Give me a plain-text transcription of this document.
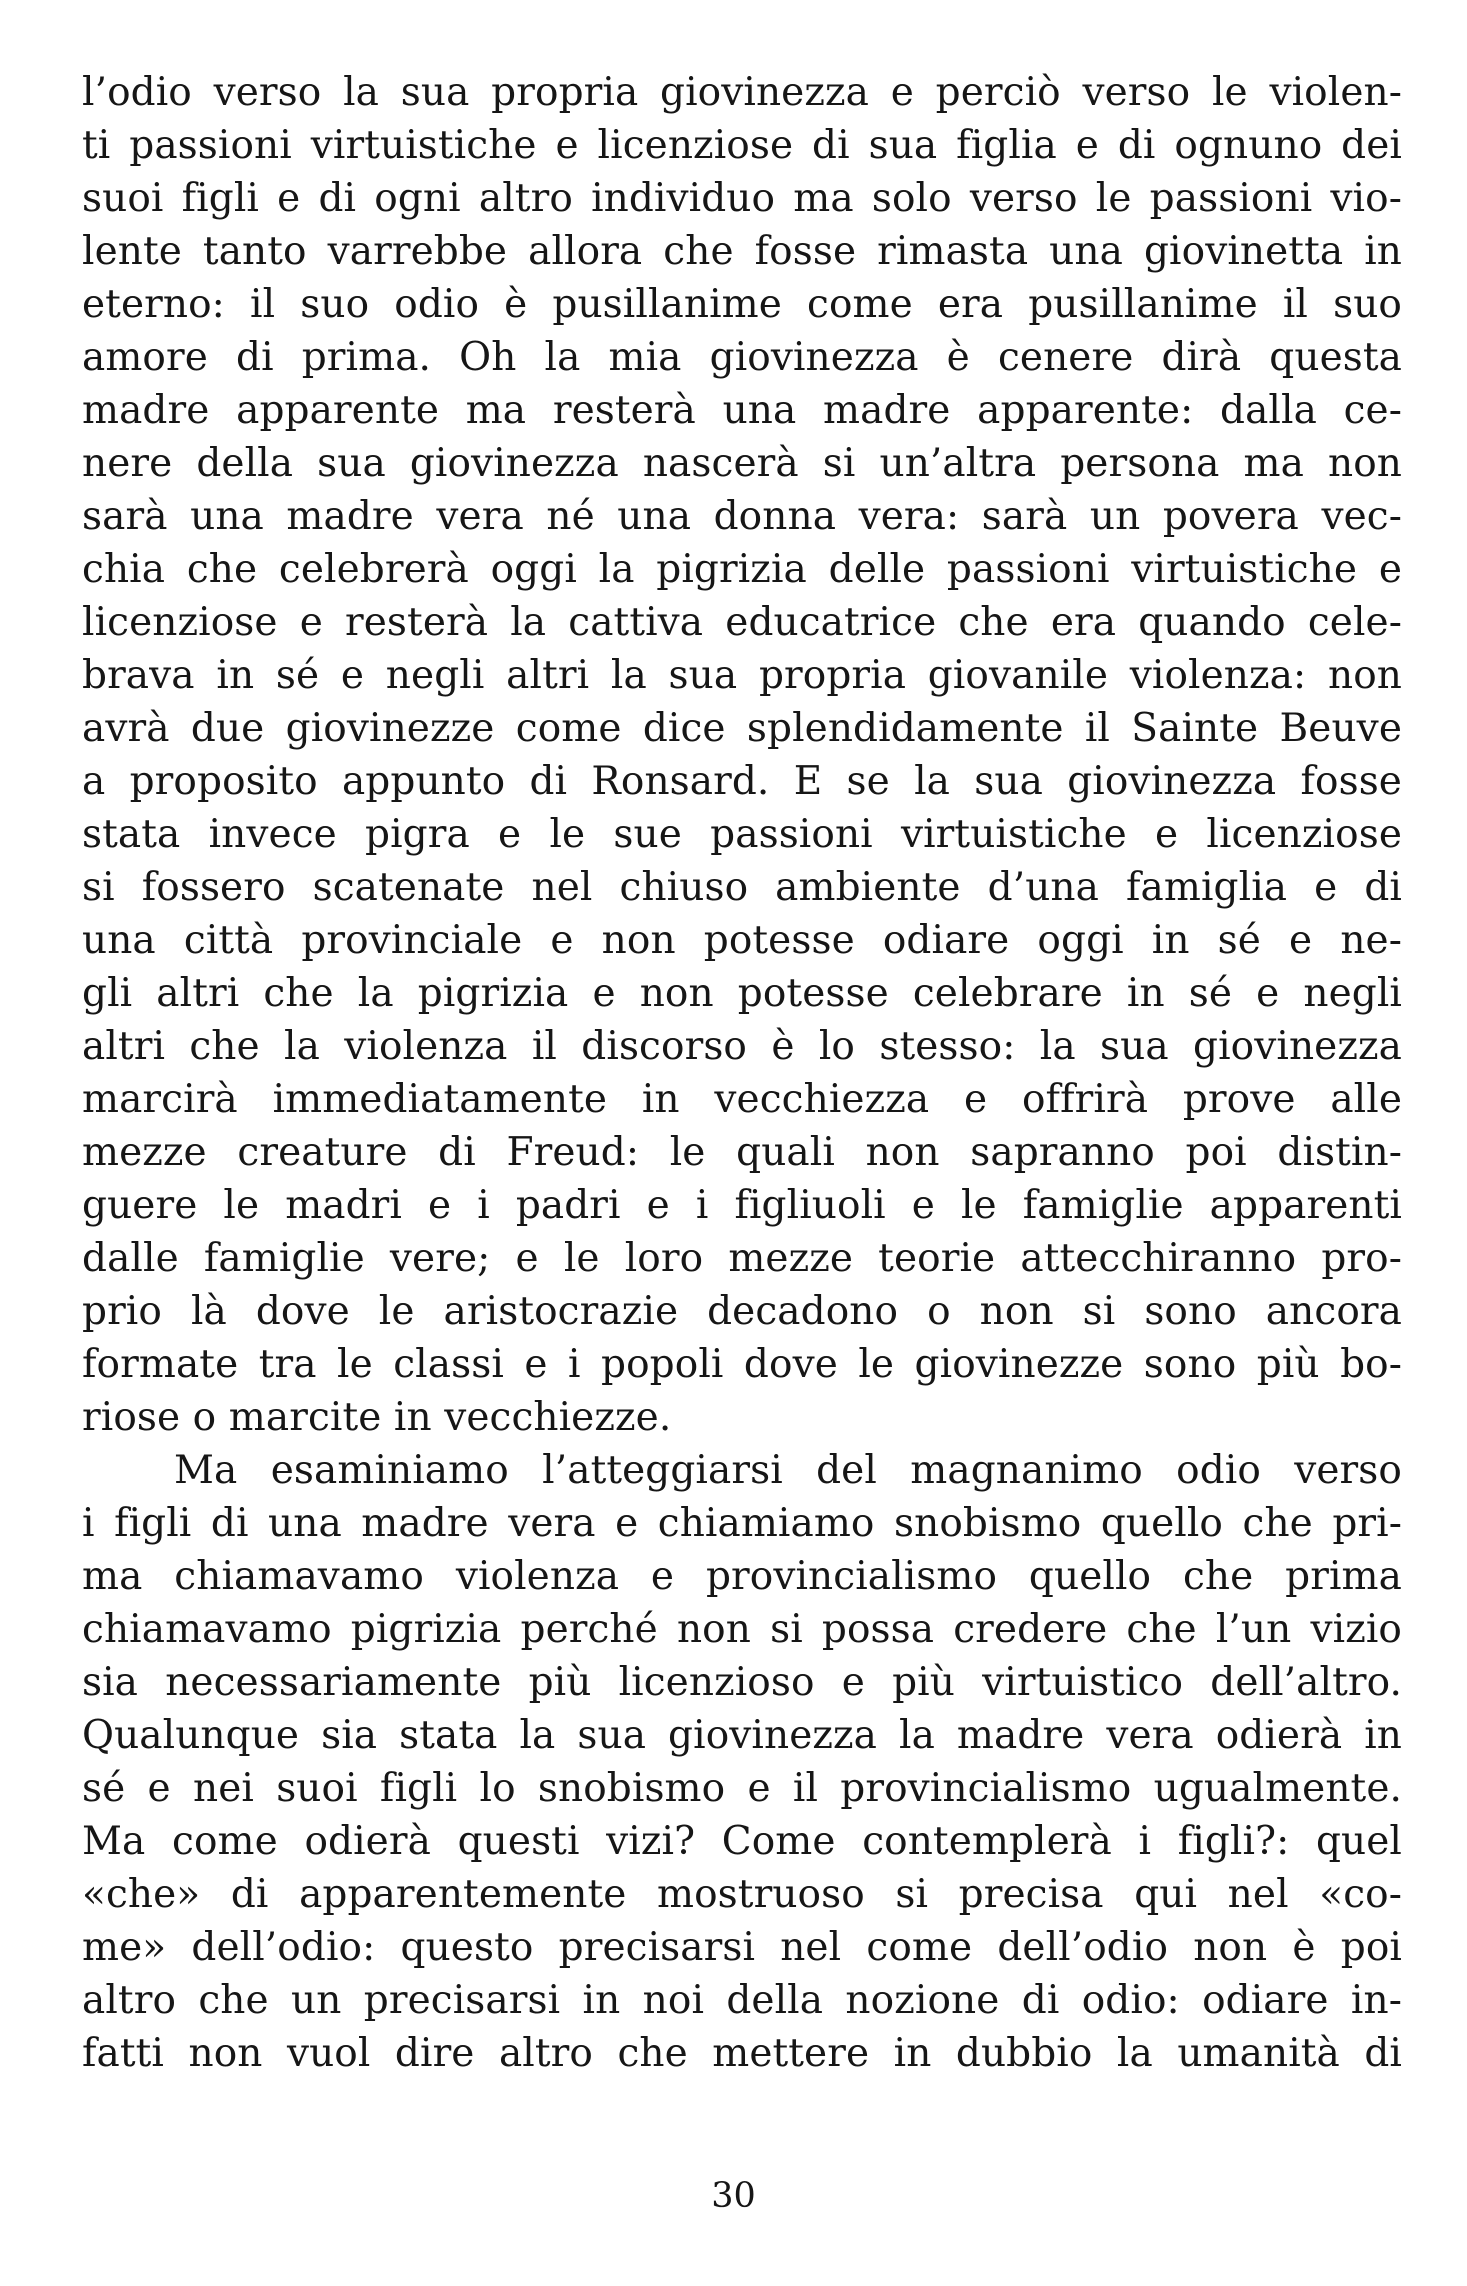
l’odio verso la sua propria giovinezza e perciò verso le violen-
ti passioni virtuistiche e licenziose di sua figlia e di ognuno dei
suoi figli e di ogni altro individuo ma solo verso le passioni vio-
lente tanto varrebbe allora che fosse rimasta una giovinetta in
eterno: il suo odio è pusillanime come era pusillanime il suo
amore di prima. Oh la mia giovinezza è cenere dirà questa
madre apparente ma resterà una madre apparente: dalla ce-
nere della sua giovinezza nascerà si un’altra persona ma non
sarà una madre vera né una donna vera: sarà un povera vec-
chia che celebrerà oggi la pigrizia delle passioni virtuistiche e
licenziose e resterà la cattiva educatrice che era quando cele-
brava in sé e negli altri la sua propria giovanile violenza: non
avrà due giovinezze come dice splendidamente il Sainte Beuve
a proposito appunto di Ronsard. E se la sua giovinezza fosse
stata invece pigra e le sue passioni virtuistiche e licenziose
si fossero scatenate nel chiuso ambiente d’una famiglia e di
una città provinciale e non potesse odiare oggi in sé e ne-
gli altri che la pigrizia e non potesse celebrare in sé e negli
altri che la violenza il discorso è lo stesso: la sua giovinezza
marcirà immediatamente in vecchiezza e offrirà prove alle
mezze creature di Freud: le quali non sapranno poi distin-
guere le madri e i padri e i figliuoli e le famiglie apparenti
dalle famiglie vere; e le loro mezze teorie attecchiranno pro-
prio là dove le aristocrazie decadono o non si sono ancora
formate tra le classi e i popoli dove le giovinezze sono più bo-
riose o marcite in vecchiezze.
Ma esaminiamo l’atteggiarsi del magnanimo odio verso
i figli di una madre vera e chiamiamo snobismo quello che pri-
ma chiamavamo violenza e provincialismo quello che prima
chiamavamo pigrizia perché non si possa credere che l’un vizio
sia necessariamente più licenzioso e più virtuistico dell’altro.
Qualunque sia stata la sua giovinezza la madre vera odierà in
sé e nei suoi figli lo snobismo e il provincialismo ugualmente.
Ma come odierà questi vizi? Come contemplerà i figli?: quel
«che» di apparentemente mostruoso si precisa qui nel «co-
me» dell’odio: questo precisarsi nel come dell’odio non è poi
altro che un precisarsi in noi della nozione di odio: odiare in-
fatti non vuol dire altro che mettere in dubbio la umanità di
30
